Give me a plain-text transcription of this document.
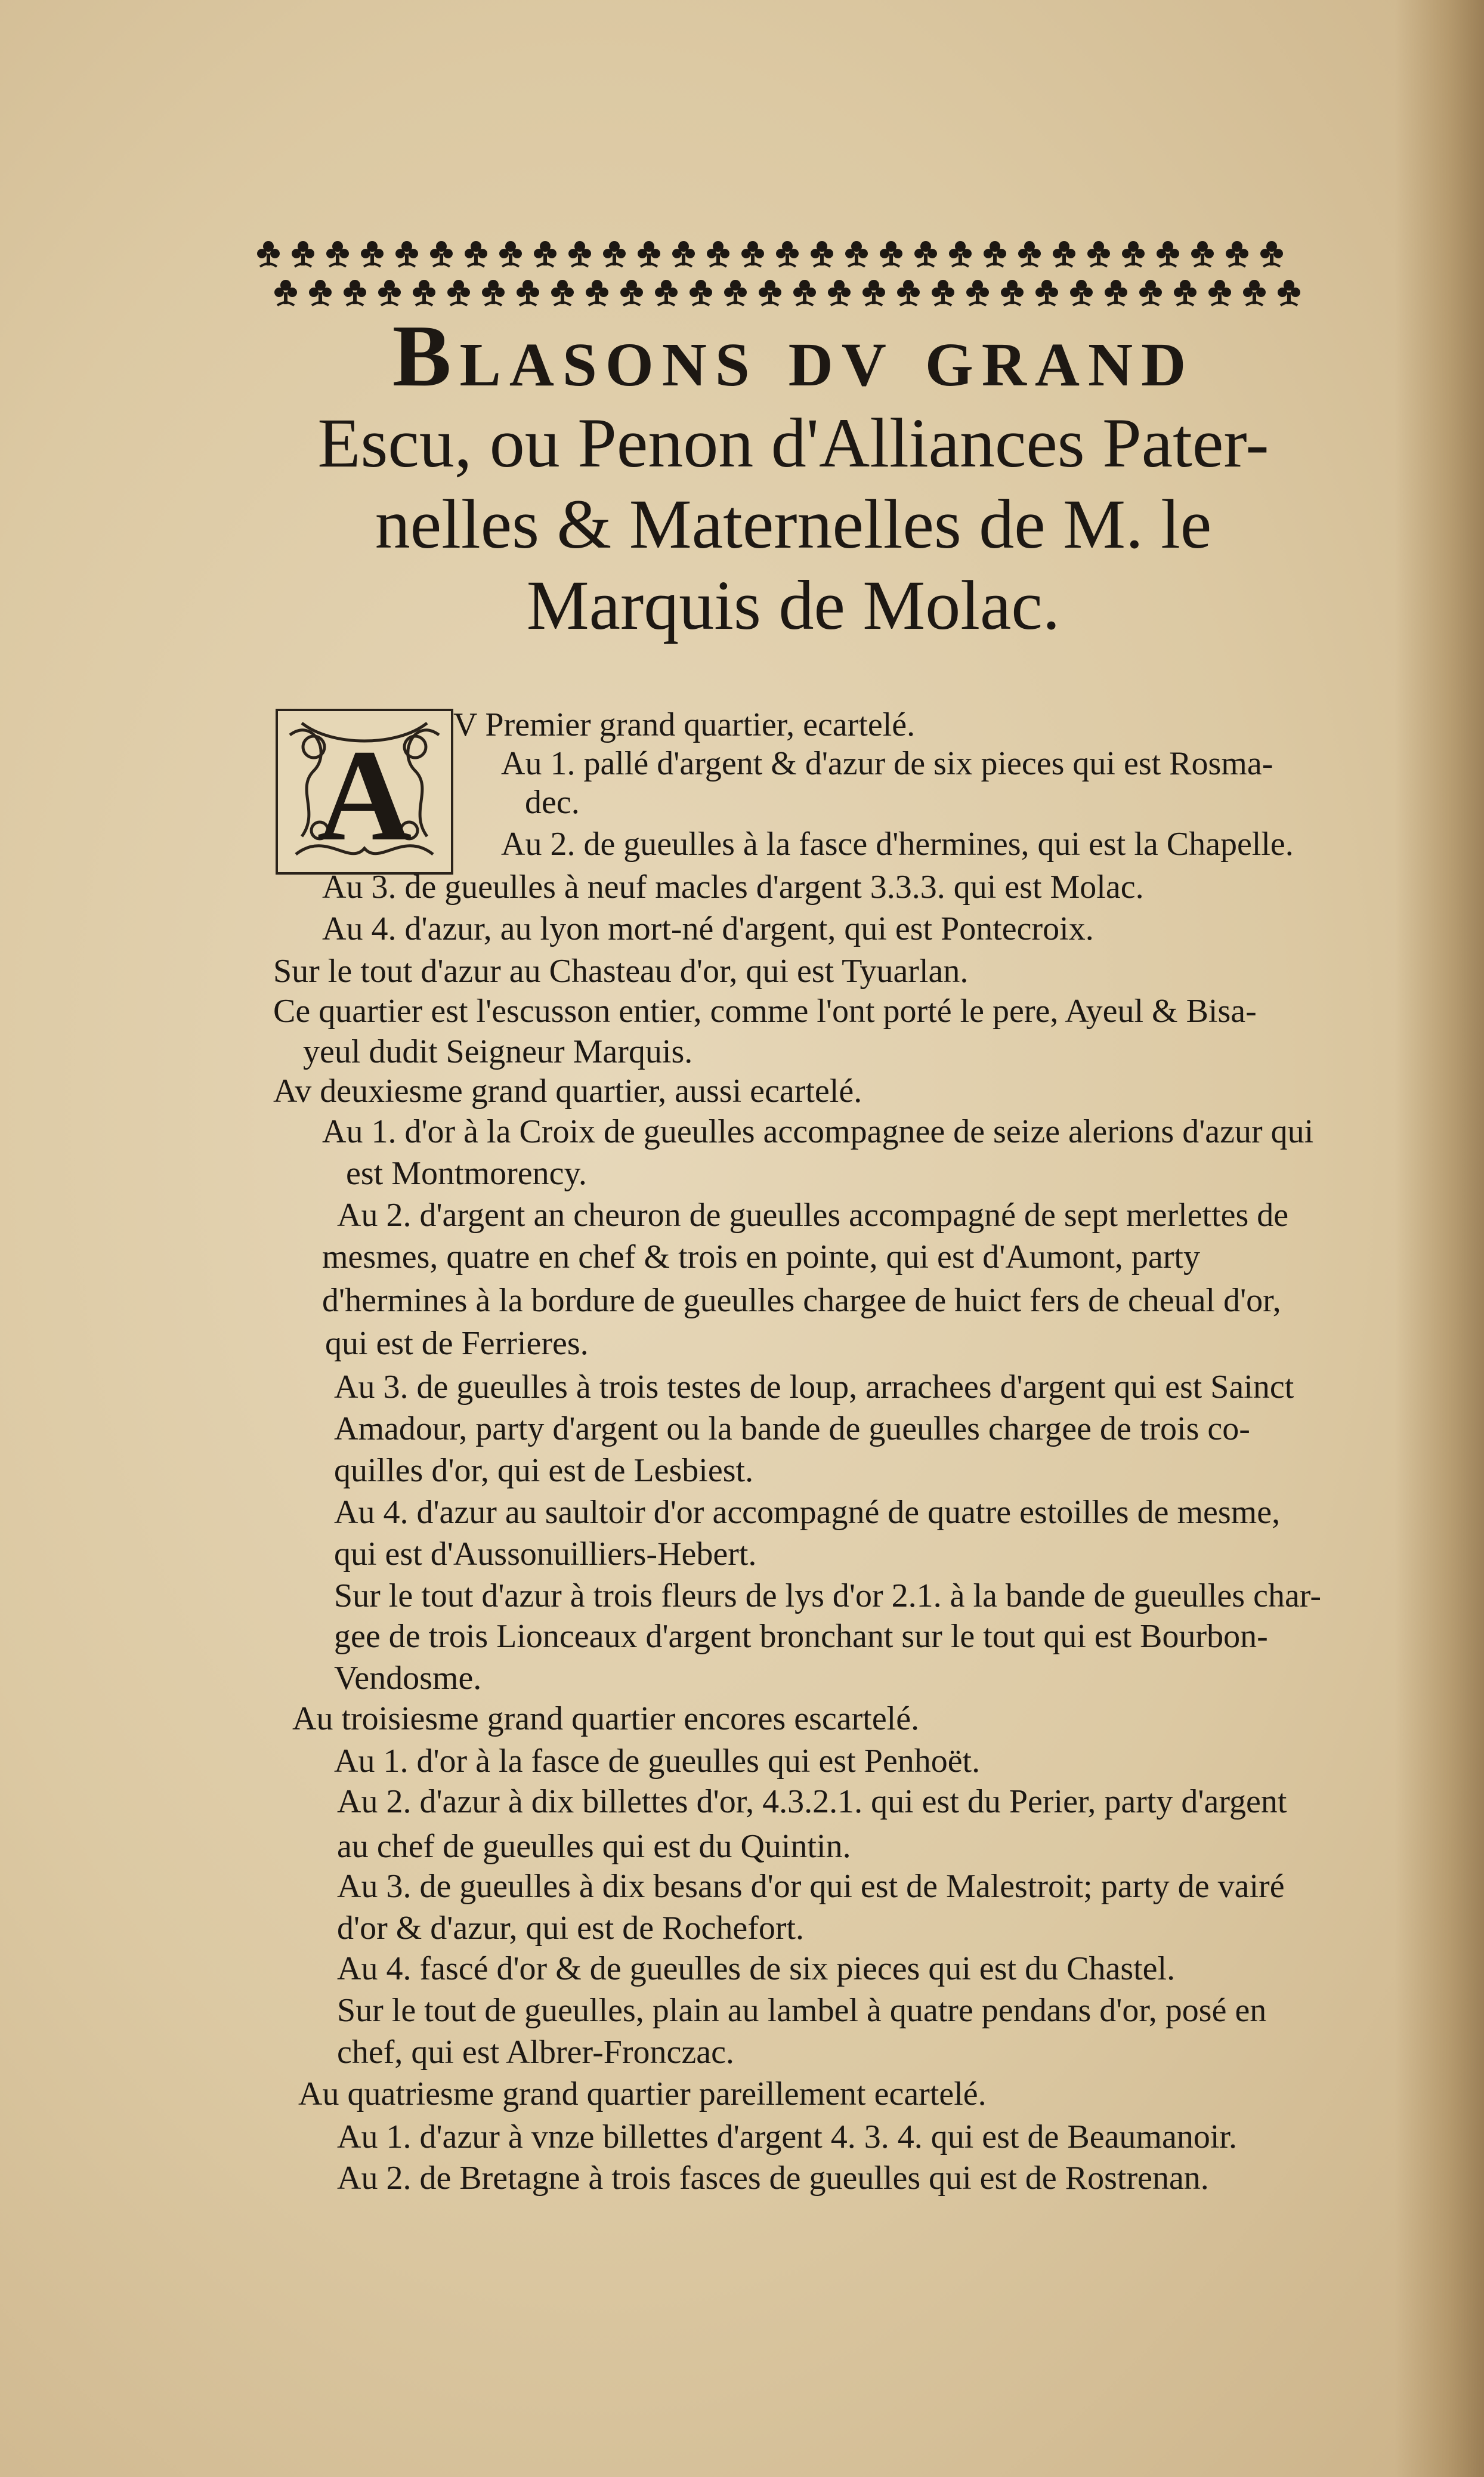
Blasons dv grand
Escu, ou Penon d'Alliances Pater-
nelles & Maternelles de M. le
Marquis de Molac.
A V Premier grand quartier, ecartelé.
Au 1. pallé d'argent & d'azur de six pieces qui est Rosma-
dec.
Au 2. de gueulles à la fasce d'hermines, qui est la Chapelle.
Au 3. de gueulles à neuf macles d'argent 3.3.3. qui est Molac.
Au 4. d'azur, au lyon mort-né d'argent, qui est Pontecroix.
Sur le tout d'azur au Chasteau d'or, qui est Tyuarlan.
Ce quartier est l'escusson entier, comme l'ont porté le pere, Ayeul & Bisa-
yeul dudit Seigneur Marquis.
Av deuxiesme grand quartier, aussi ecartelé.
Au 1. d'or à la Croix de gueulles accompagnee de seize alerions d'azur qui
est Montmorency.
Au 2. d'argent an cheuron de gueulles accompagné de sept merlettes de
mesmes, quatre en chef & trois en pointe, qui est d'Aumont, party
d'hermines à la bordure de gueulles chargee de huict fers de cheual d'or,
qui est de Ferrieres.
Au 3. de gueulles à trois testes de loup, arrachees d'argent qui est Sainct
Amadour, party d'argent ou la bande de gueulles chargee de trois co-
quilles d'or, qui est de Lesbiest.
Au 4. d'azur au saultoir d'or accompagné de quatre estoilles de mesme,
qui est d'Aussonuilliers-Hebert.
Sur le tout d'azur à trois fleurs de lys d'or 2.1. à la bande de gueulles char-
gee de trois Lionceaux d'argent bronchant sur le tout qui est Bourbon-
Vendosme.
Au troisiesme grand quartier encores escartelé.
Au 1. d'or à la fasce de gueulles qui est Penhoët.
Au 2. d'azur à dix billettes d'or, 4.3.2.1. qui est du Perier, party d'argent
au chef de gueulles qui est du Quintin.
Au 3. de gueulles à dix besans d'or qui est de Malestroit; party de vairé
d'or & d'azur, qui est de Rochefort.
Au 4. fascé d'or & de gueulles de six pieces qui est du Chastel.
Sur le tout de gueulles, plain au lambel à quatre pendans d'or, posé en
chef, qui est Albrer-Fronczac.
Au quatriesme grand quartier pareillement ecartelé.
Au 1. d'azur à vnze billettes d'argent 4. 3. 4. qui est de Beaumanoir.
Au 2. de Bretagne à trois fasces de gueulles qui est de Rostrenan.
